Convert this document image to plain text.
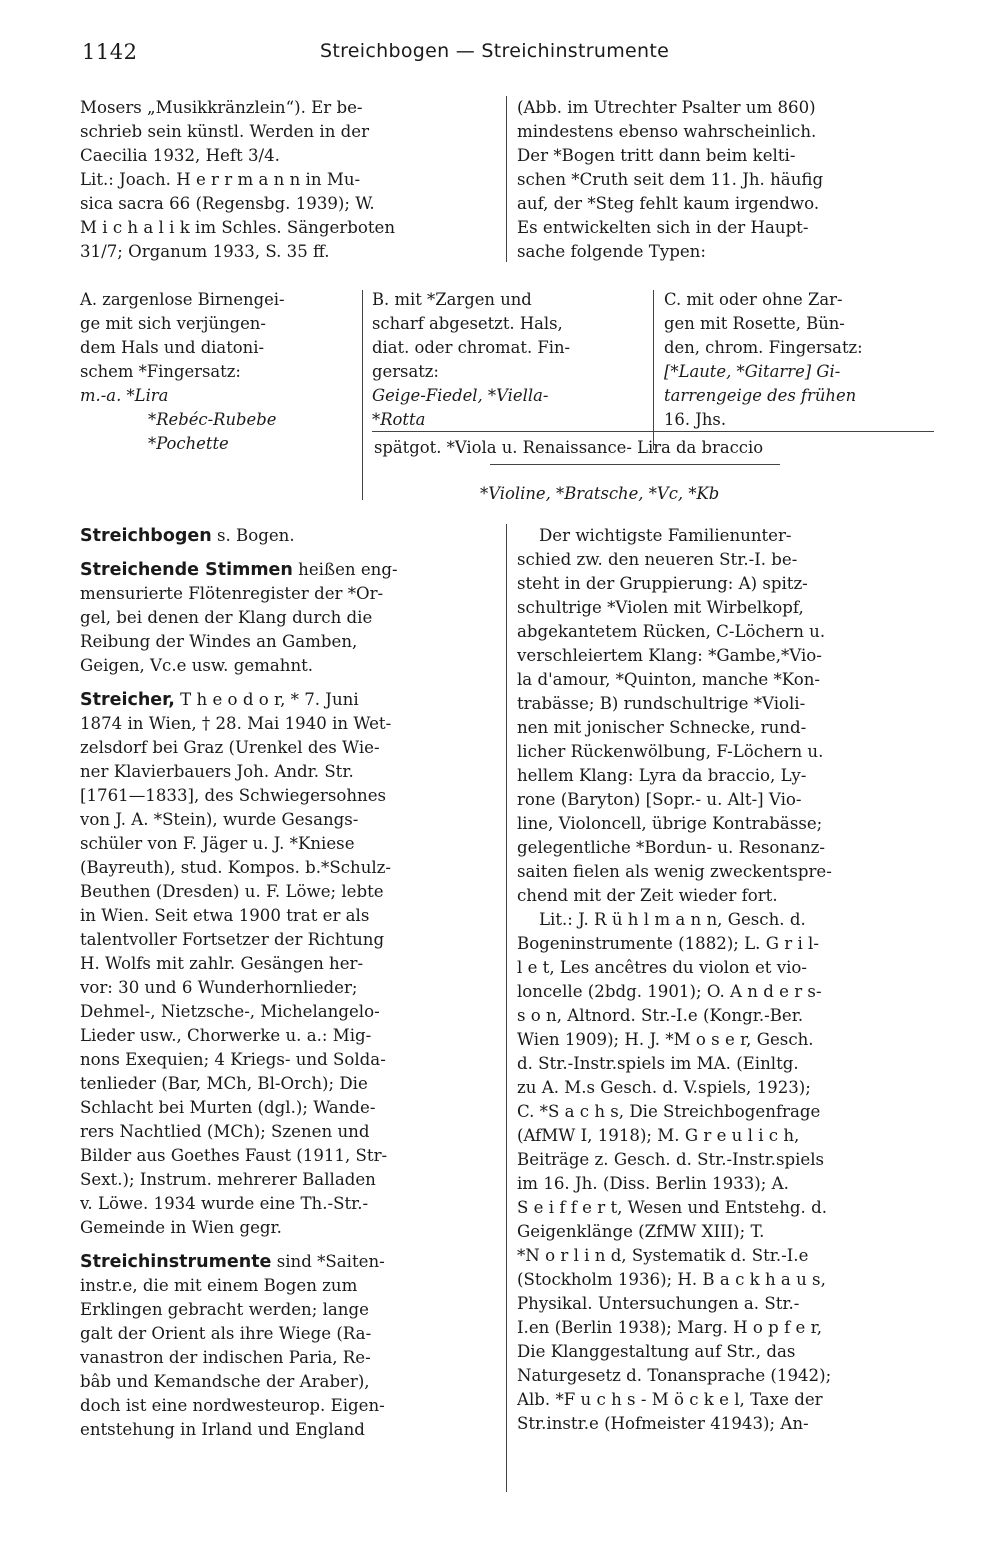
1142	Streichbogen — Streichinstrumente

Mosers „Musikkränzlein“). Er be-

schrieb sein künstl. Werden in der

Caecilia 1932, Heft 3/4.

Lit.: Joach. H e r r m a n n in Mu-

sica sacra 66 (Regensbg. 1939); W.

M i c h a l i k im Schles. Sängerboten

31/7; Organum 1933, S. 35 ff.

(Abb. im Utrechter Psalter um 860)

mindestens ebenso wahrscheinlich.

Der *Bogen tritt dann beim kelti-

schen *Cruth seit dem 11. Jh. häufig

auf, der *Steg fehlt kaum irgendwo.

Es entwickelten sich in der Haupt-

sache folgende Typen:

A. zargenlose Birnengei-

ge mit sich verjüngen-

dem Hals und diatoni-

schem *Fingersatz:

m.-a. *Lira

*Rebéc-Rubebe

*Pochette

B. mit *Zargen und

scharf abgesetzt. Hals,

diat. oder chromat. Fin-

gersatz:

Geige-Fiedel, *Viella-

*Rotta

C. mit oder ohne Zar-

gen mit Rosette, Bün-

den, chrom. Fingersatz:

[*Laute, *Gitarre] Gi-

tarrengeige des frühen

16. Jhs.

spätgot. *Viola u. Renaissance- Lira da braccio

*Violine, *Bratsche, *Vc, *Kb

Streichbogen s. Bogen.

Streichende Stimmen heißen eng-

mensurierte Flötenregister der *Or-

gel, bei denen der Klang durch die

Reibung der Windes an Gamben,

Geigen, Vc.e usw. gemahnt.

Streicher, T h e o d o r, * 7. Juni

1874 in Wien, † 28. Mai 1940 in Wet-

zelsdorf bei Graz (Urenkel des Wie-

ner Klavierbauers Joh. Andr. Str.

[1761—1833], des Schwiegersohnes

von J. A. *Stein), wurde Gesangs-

schüler von F. Jäger u. J. *Kniese

(Bayreuth), stud. Kompos. b.*Schulz-

Beuthen (Dresden) u. F. Löwe; lebte

in Wien. Seit etwa 1900 trat er als

talentvoller Fortsetzer der Richtung

H. Wolfs mit zahlr. Gesängen her-

vor: 30 und 6 Wunderhornlieder;

Dehmel-, Nietzsche-, Michelangelo-

Lieder usw., Chorwerke u. a.: Mig-

nons Exequien; 4 Kriegs- und Solda-

tenlieder (Bar, MCh, Bl-Orch); Die

Schlacht bei Murten (dgl.); Wande-

rers Nachtlied (MCh); Szenen und

Bilder aus Goethes Faust (1911, Str-

Sext.); Instrum. mehrerer Balladen

v. Löwe. 1934 wurde eine Th.-Str.-

Gemeinde in Wien gegr.

Streichinstrumente sind *Saiten-

instr.e, die mit einem Bogen zum

Erklingen gebracht werden; lange

galt der Orient als ihre Wiege (Ra-

vanastron der indischen Paria, Re-

bâb und Kemandsche der Araber),

doch ist eine nordwesteurop. Eigen-

entstehung in Irland und England

Der wichtigste Familienunter-

schied zw. den neueren Str.-I. be-

steht in der Gruppierung: A) spitz-

schultrige *Violen mit Wirbelkopf,

abgekantetem Rücken, C-Löchern u.

verschleiertem Klang: *Gambe,*Vio-

la d'amour, *Quinton, manche *Kon-

trabässe; B) rundschultrige *Violi-

nen mit jonischer Schnecke, rund-

licher Rückenwölbung, F-Löchern u.

hellem Klang: Lyra da braccio, Ly-

rone (Baryton) [Sopr.- u. Alt-] Vio-

line, Violoncell, übrige Kontrabässe;

gelegentliche *Bordun- u. Resonanz-

saiten fielen als wenig zweckentspre-

chend mit der Zeit wieder fort.

Lit.: J. R ü h l m a n n, Gesch. d.

Bogeninstrumente (1882); L. G r i l-

l e t, Les ancêtres du violon et vio-

loncelle (2bdg. 1901); O. A n d e r s-

s o n, Altnord. Str.-I.e (Kongr.-Ber.

Wien 1909); H. J. *M o s e r, Gesch.

d. Str.-Instr.spiels im MA. (Einltg.

zu A. M.s Gesch. d. V.spiels, 1923);

C. *S a c h s, Die Streichbogenfrage

(AfMW I, 1918); M. G r e u l i c h,

Beiträge z. Gesch. d. Str.-Instr.spiels

im 16. Jh. (Diss. Berlin 1933); A.

S e i f f e r t, Wesen und Entstehg. d.

Geigenklänge (ZfMW XIII); T.

*N o r l i n d, Systematik d. Str.-I.e

(Stockholm 1936); H. B a c k h a u s,

Physikal. Untersuchungen a. Str.-

I.en (Berlin 1938); Marg. H o p f e r,

Die Klanggestaltung auf Str., das

Naturgesetz d. Tonansprache (1942);

Alb. *F u c h s - M ö c k e l, Taxe der

Str.instr.e (Hofmeister 41943); An-
